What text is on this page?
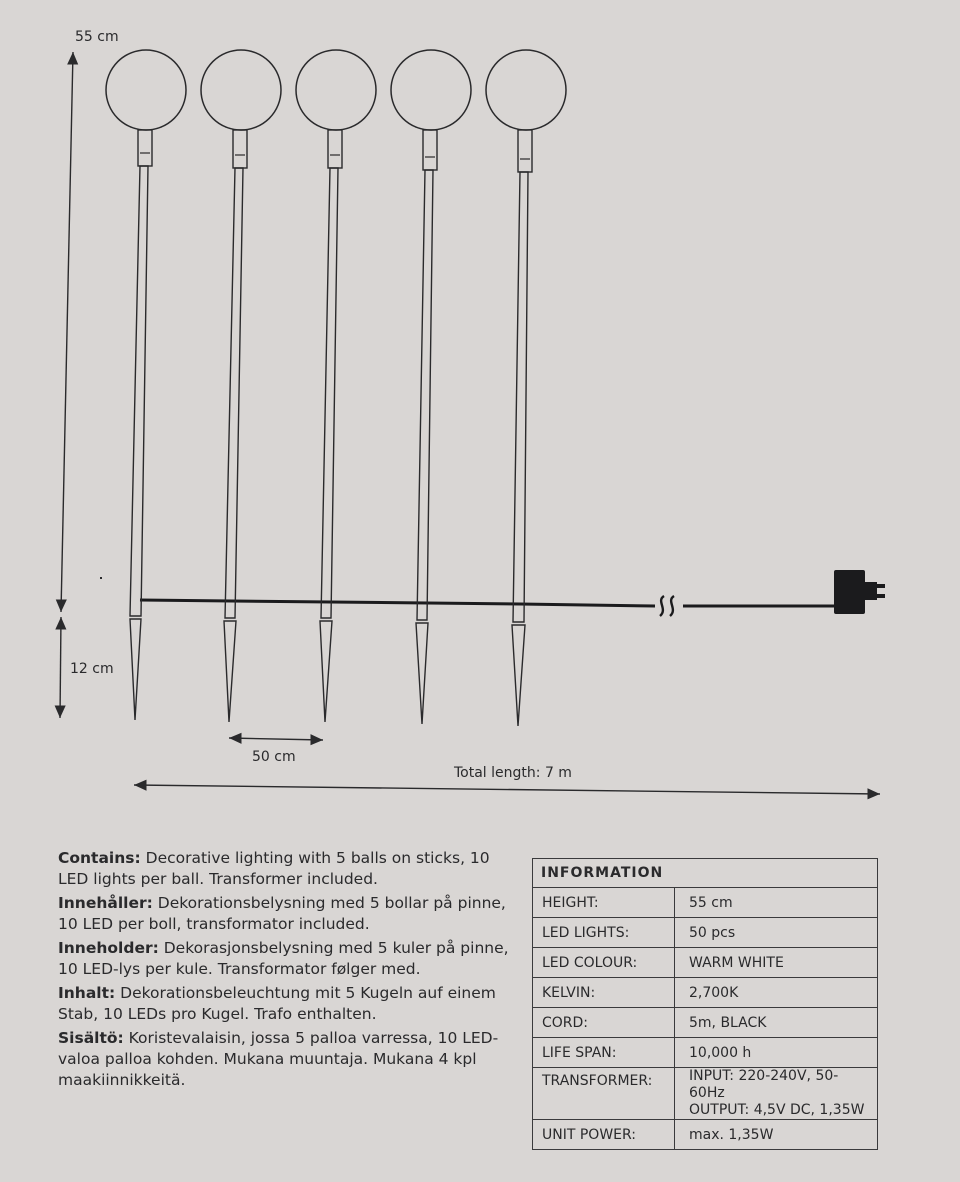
55 cm
12 cm
50 cm
Total length: 7 m
Contains: Decorative lighting with 5 balls on sticks, 10 LED lights per ball. Transformer included.
Innehåller: Dekorationsbelysning med 5 bollar på pinne, 10 LED per boll, transformator included.
Inneholder: Dekorasjonsbelysning med 5 kuler på pinne, 10 LED-lys per kule. Transformator følger med.
Inhalt: Dekorationsbeleuchtung mit 5 Kugeln auf einem Stab, 10 LEDs pro Kugel. Trafo enthalten.
Sisältö: Koristevalaisin, jossa 5 palloa varressa, 10 LED-valoa palloa kohden. Mukana muuntaja. Mukana 4 kpl maakiinnikkeitä.
INFORMATION	
HEIGHT:	55 cm
LED LIGHTS:	50 pcs
LED COLOUR:	WARM WHITE
KELVIN:	2,700K
CORD:	5m, BLACK
LIFE SPAN:	10,000 h
TRANSFORMER:	INPUT: 220-240V, 50-60Hz
OUTPUT: 4,5V DC, 1,35W

UNIT POWER:	max. 1,35W
